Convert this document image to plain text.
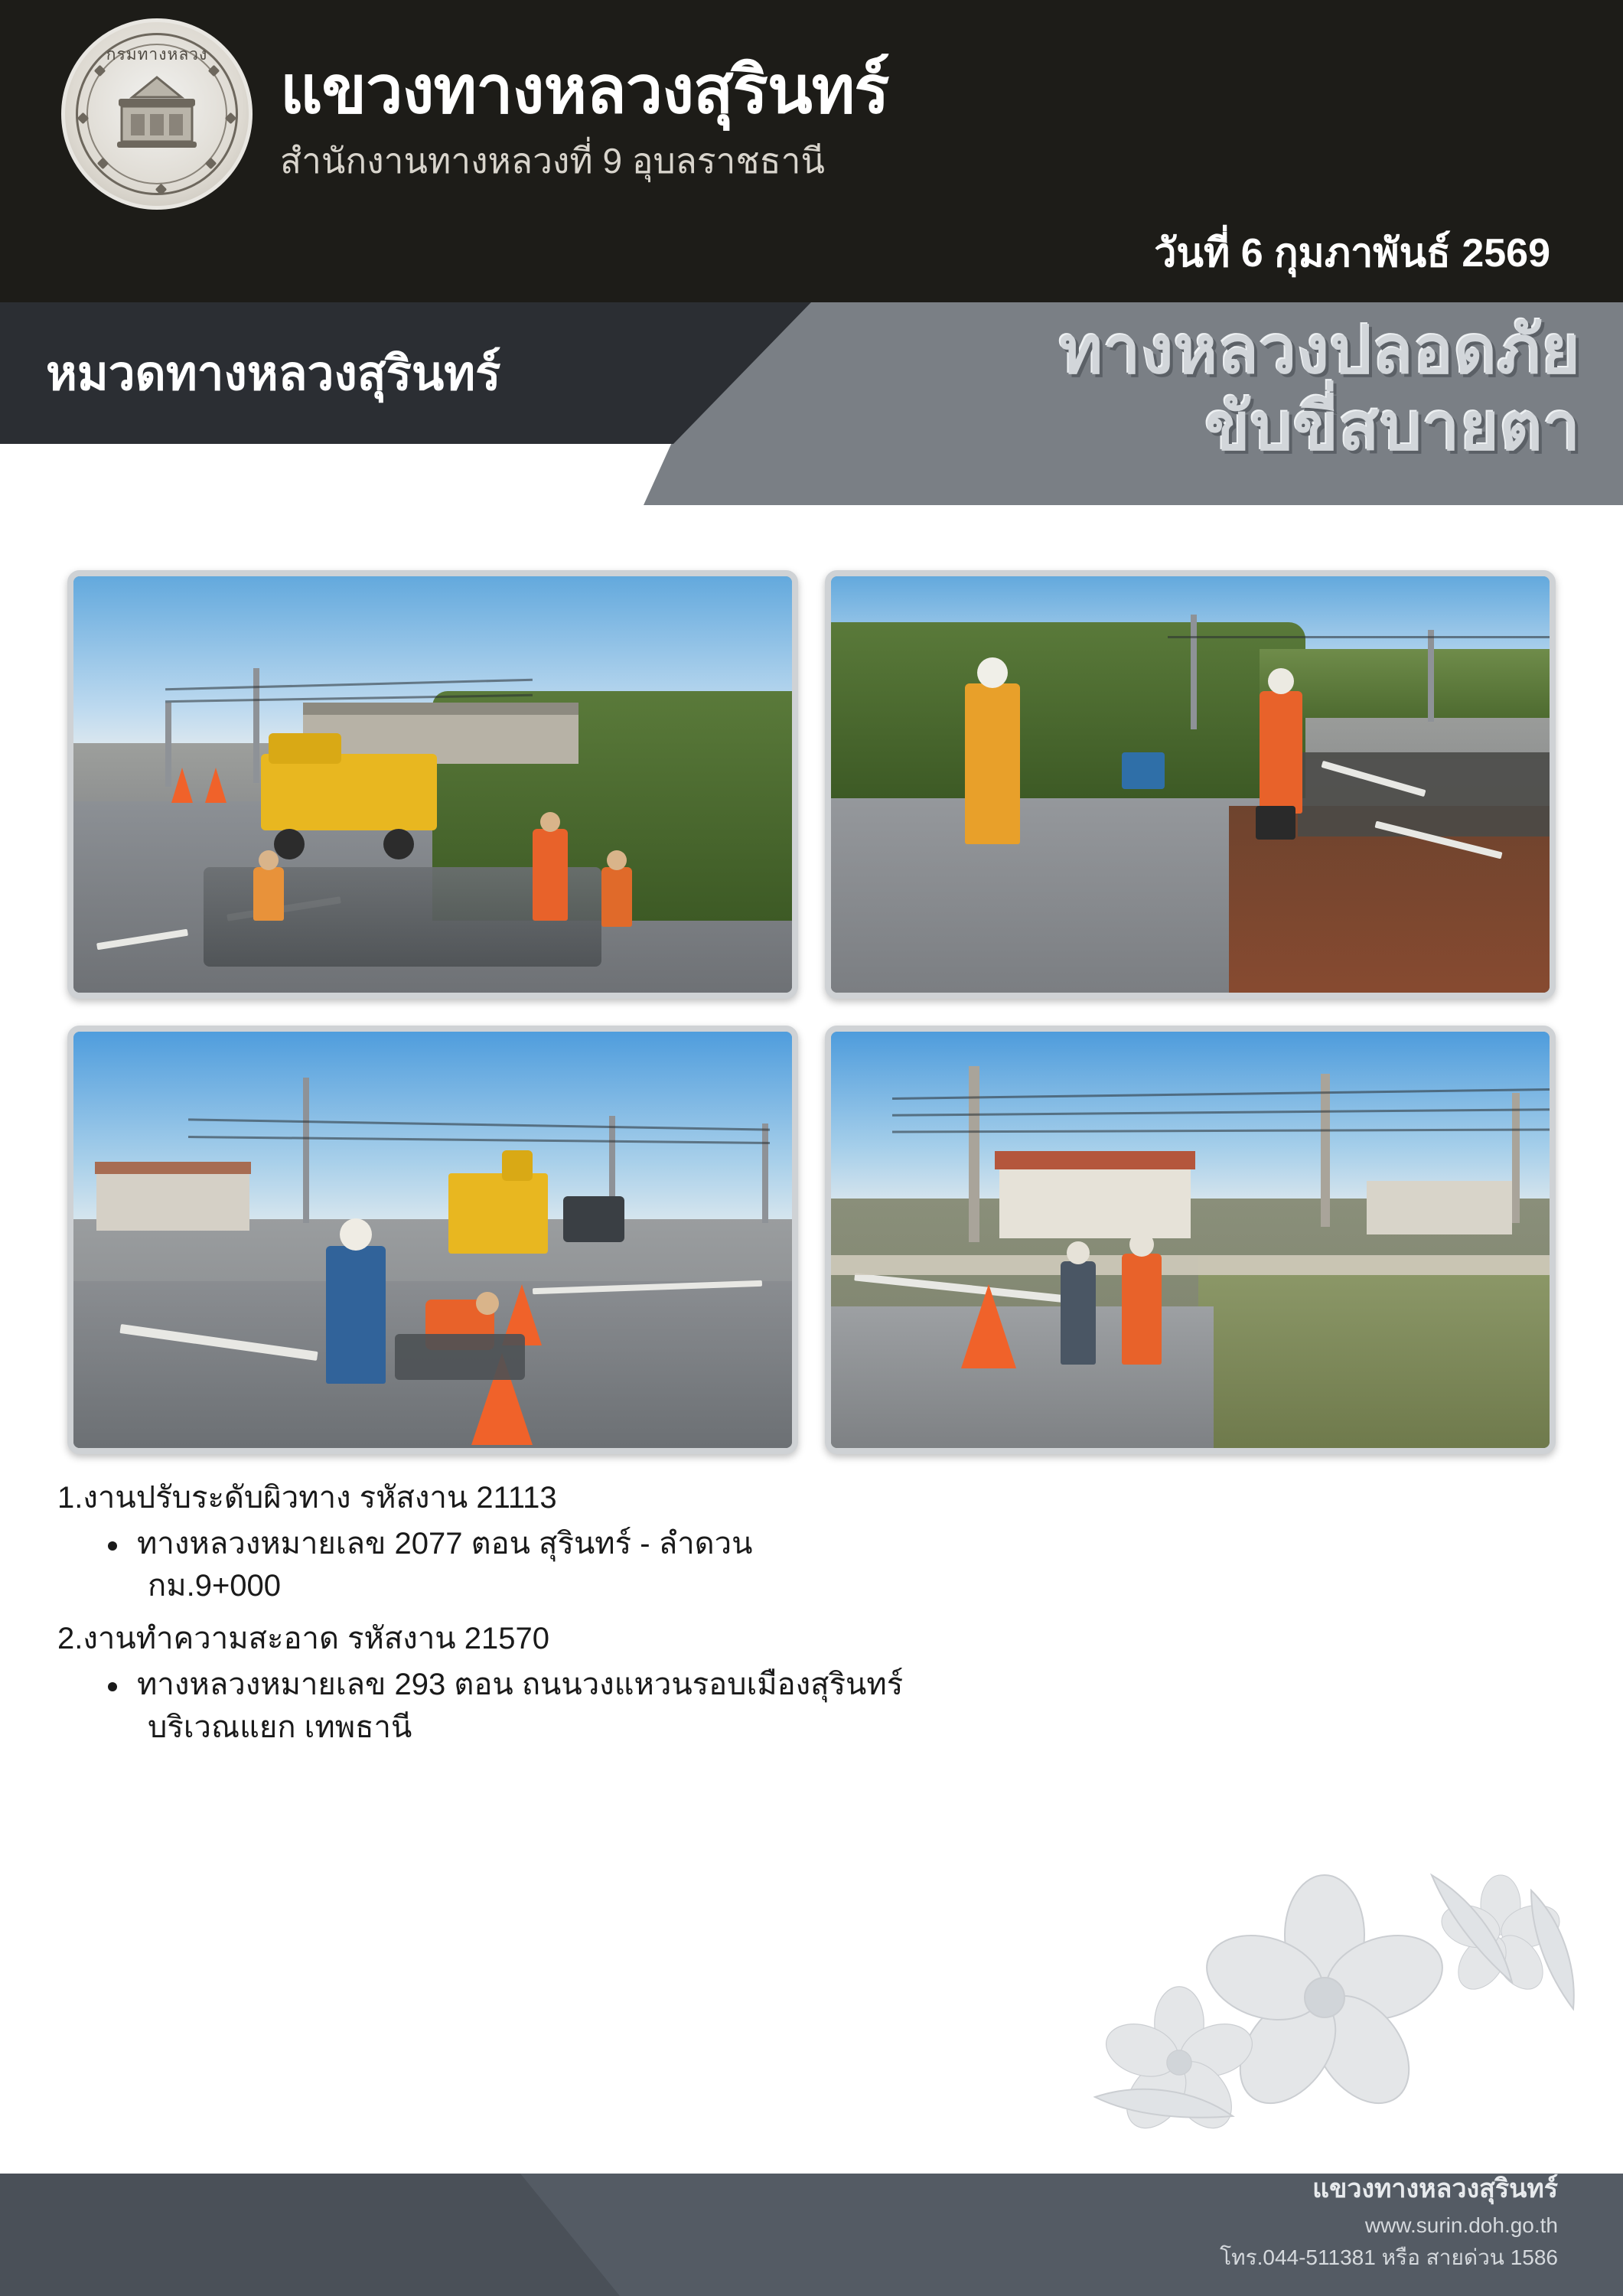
กรมทางหลวง	แขวงทางหลวงสุรินทร์
สำนักงานทางหลวงที่ 9 อุบลราชธานี
วันที่ 6 กุมภาพันธ์ 2569
ทางหลวงปลอดภัย
ขับขี่สบายตา
หมวดทางหลวงสุรินทร์
1.งานปรับระดับผิวทาง รหัสงาน 21113
ทางหลวงหมายเลข 2077 ตอน สุรินทร์ - ลำดวน
กม.9+000
2.งานทำความสะอาด รหัสงาน 21570
ทางหลวงหมายเลข 293 ตอน ถนนวงแหวนรอบเมืองสุรินทร์
บริเวณแยก เทพธานี
แขวงทางหลวงสุรินทร์
www.surin.doh.go.th
โทร.044-511381 หรือ สายด่วน 1586
